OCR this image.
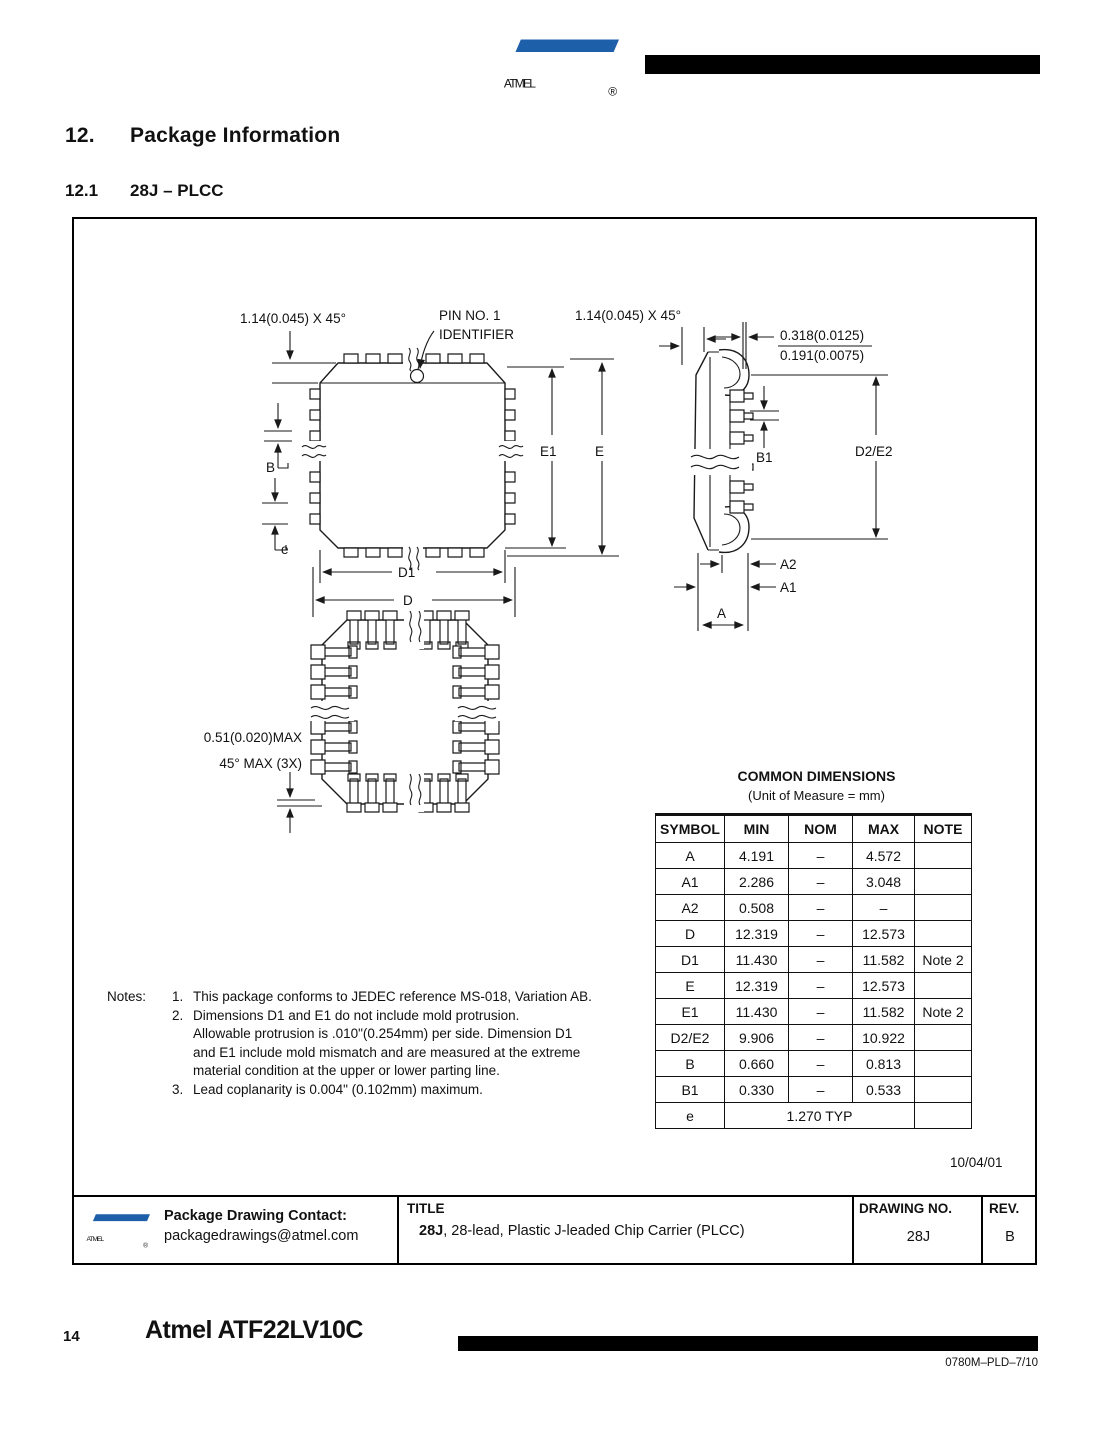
ATMEL
®
12. Package Information
12.1 28J – PLCC
1.14(0.045) X 45°	PIN NO. 1
IDENTIFIER
B
e
E1	E
D1
D
1.14(0.045) X 45°
0.318(0.0125)
0.191(0.0075)
B1	D2/E2
A2
A1
A
0.51(0.020)MAX
45° MAX (3X)
COMMON DIMENSIONS
(Unit of Measure = mm)
SYMBOL	MIN	NOM	MAX	NOTE
A	4.191	–	4.572	
A1	2.286	–	3.048	
A2	0.508	–	–	
D	12.319	–	12.573	
D1	11.430	–	11.582	Note 2
E	12.319	–	12.573	
E1	11.430	–	11.582	Note 2
D2/E2	9.906	–	10.922	
B	0.660	–	0.813	
B1	0.330	–	0.533	
e	1.270 TYP			
Notes: 1. This package conforms to JEDEC reference MS-018, Variation AB.
2. Dimensions D1 and E1 do not include mold protrusion.
Allowable protrusion is .010"(0.254mm) per side. Dimension D1
and E1 include mold mismatch and are measured at the extreme
material condition at the upper or lower parting line.
3. Lead coplanarity is 0.004" (0.102mm) maximum.
10/04/01
ATMEL
®
Package Drawing Contact:
packagedrawings@atmel.com
TITLE
28J, 28-lead, Plastic J-leaded Chip Carrier (PLCC)
DRAWING NO.
28J
REV.
B
14	Atmel ATF22LV10C
0780M–PLD–7/10
